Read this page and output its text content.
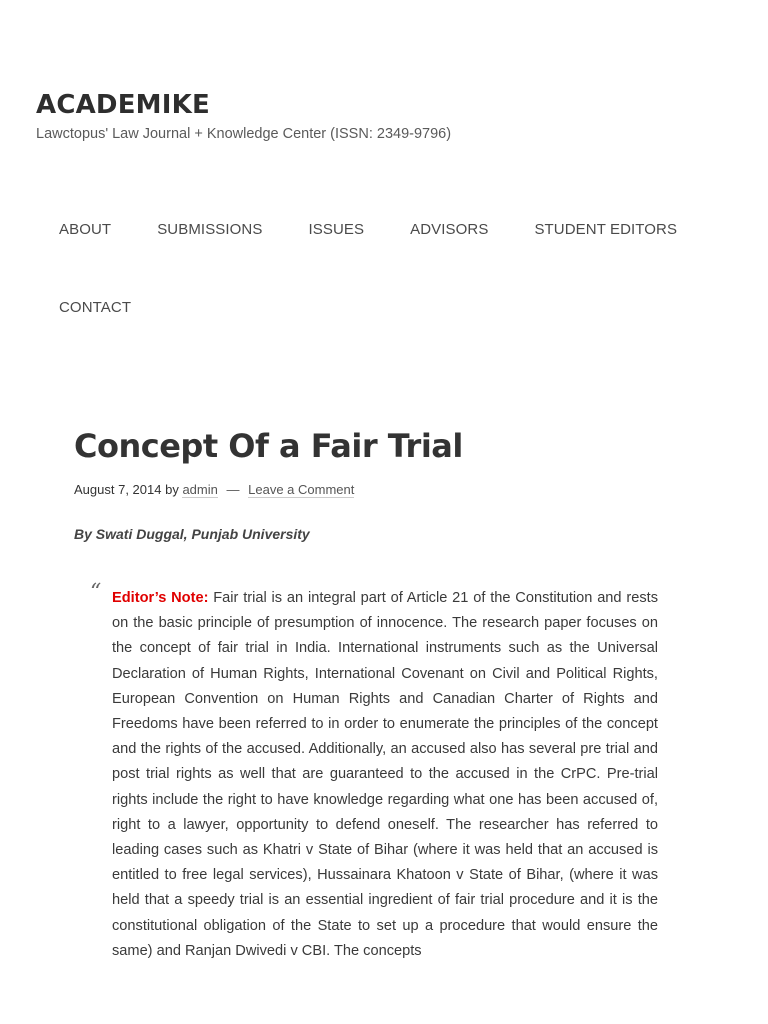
ACADEMIKE
Lawctopus' Law Journal + Knowledge Center (ISSN: 2349-9796)
ABOUT	SUBMISSIONS	ISSUES	ADVISORS	STUDENT EDITORS
CONTACT
Concept Of a Fair Trial
August 7, 2014 by admin — Leave a Comment
By Swati Duggal, Punjab University
“ Editor’s Note: Fair trial is an integral part of Article 21 of the Constitution and rests on the basic principle of presumption of innocence. The research paper focuses on the concept of fair trial in India. International instruments such as the Universal Declaration of Human Rights, International Covenant on Civil and Political Rights, European Convention on Human Rights and Canadian Charter of Rights and Freedoms have been referred to in order to enumerate the principles of the concept and the rights of the accused. Additionally, an accused also has several pre trial and post trial rights as well that are guaranteed to the accused in the CrPC. Pre-trial rights include the right to have knowledge regarding what one has been accused of, right to a lawyer, opportunity to defend oneself. The researcher has referred to leading cases such as Khatri v State of Bihar (where it was held that an accused is entitled to free legal services), Hussainara Khatoon v State of Bihar, (where it was held that a speedy trial is an essential ingredient of fair trial procedure and it is the constitutional obligation of the State to set up a procedure that would ensure the same) and Ranjan Dwivedi v CBI. The concepts
